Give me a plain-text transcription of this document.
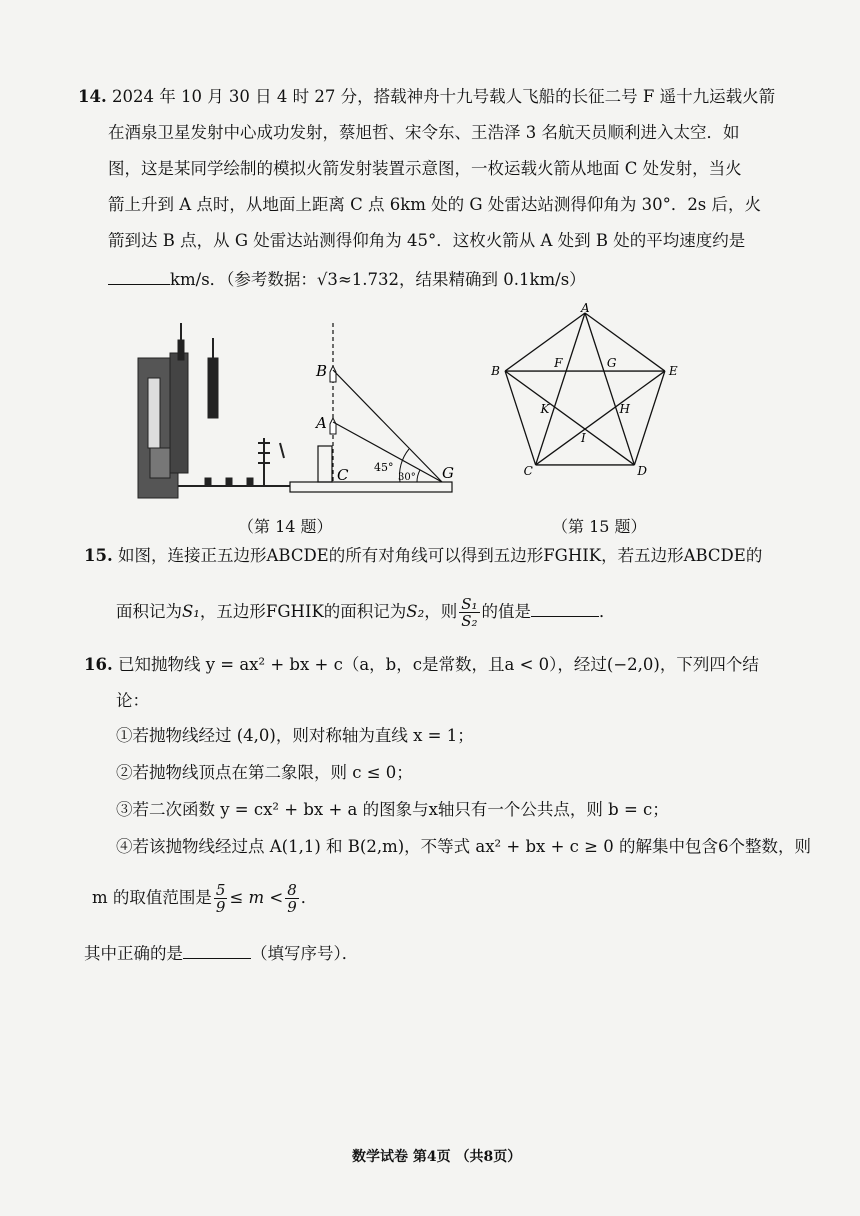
14. 2024 年 10 月 30 日 4 时 27 分，搭载神舟十九号载人飞船的长征二号 F 遥十九运载火箭
在酒泉卫星发射中心成功发射，蔡旭哲、宋令东、王浩泽 3 名航天员顺利进入太空．如
图，这是某同学绘制的模拟火箭发射装置示意图，一枚运载火箭从地面 C 处发射，当火
箭上升到 A 点时，从地面上距离 C 点 6km 处的 G 处雷达站测得仰角为 30°．2s 后，火
箭到达 B 点，从 G 处雷达站测得仰角为 45°．这枚火箭从 A 处到 B 处的平均速度约是
km/s．（参考数据：√3≈1.732，结果精确到 0.1km/s）
B
A
C	G
45°
30°
（第 14 题）
A
E
D
C
B
F	G
H
I
K
（第 15 题）
15. 如图，连接正五边形ABCDE的所有对角线可以得到五边形FGHIK，若五边形ABCDE的
面积记为S₁，五边形FGHIK的面积记为S₂，则 $\frac{\text{S₁}}{\text{S₂}}$ 的值是	．
16. 已知抛物线 y = ax² + bx + c（a，b，c是常数，且a < 0），经过(−2,0)，下列四个结
论：
①若抛物线经过 (4,0)，则对称轴为直线 x = 1；
②若抛物线顶点在第二象限，则 c ≤ 0；
③若二次函数 y = cx² + bx + a 的图象与x轴只有一个公共点，则 b = c；
④若该抛物线经过点 A(1,1) 和 B(2,m)，不等式 ax² + bx + c ≥ 0 的解集中包含6个整数，则
m 的取值范围是 $\frac{5}{9} \le m < \frac{8}{9}$ ．
其中正确的是	（填写序号）．
数学试卷 第4页 （共8页）
